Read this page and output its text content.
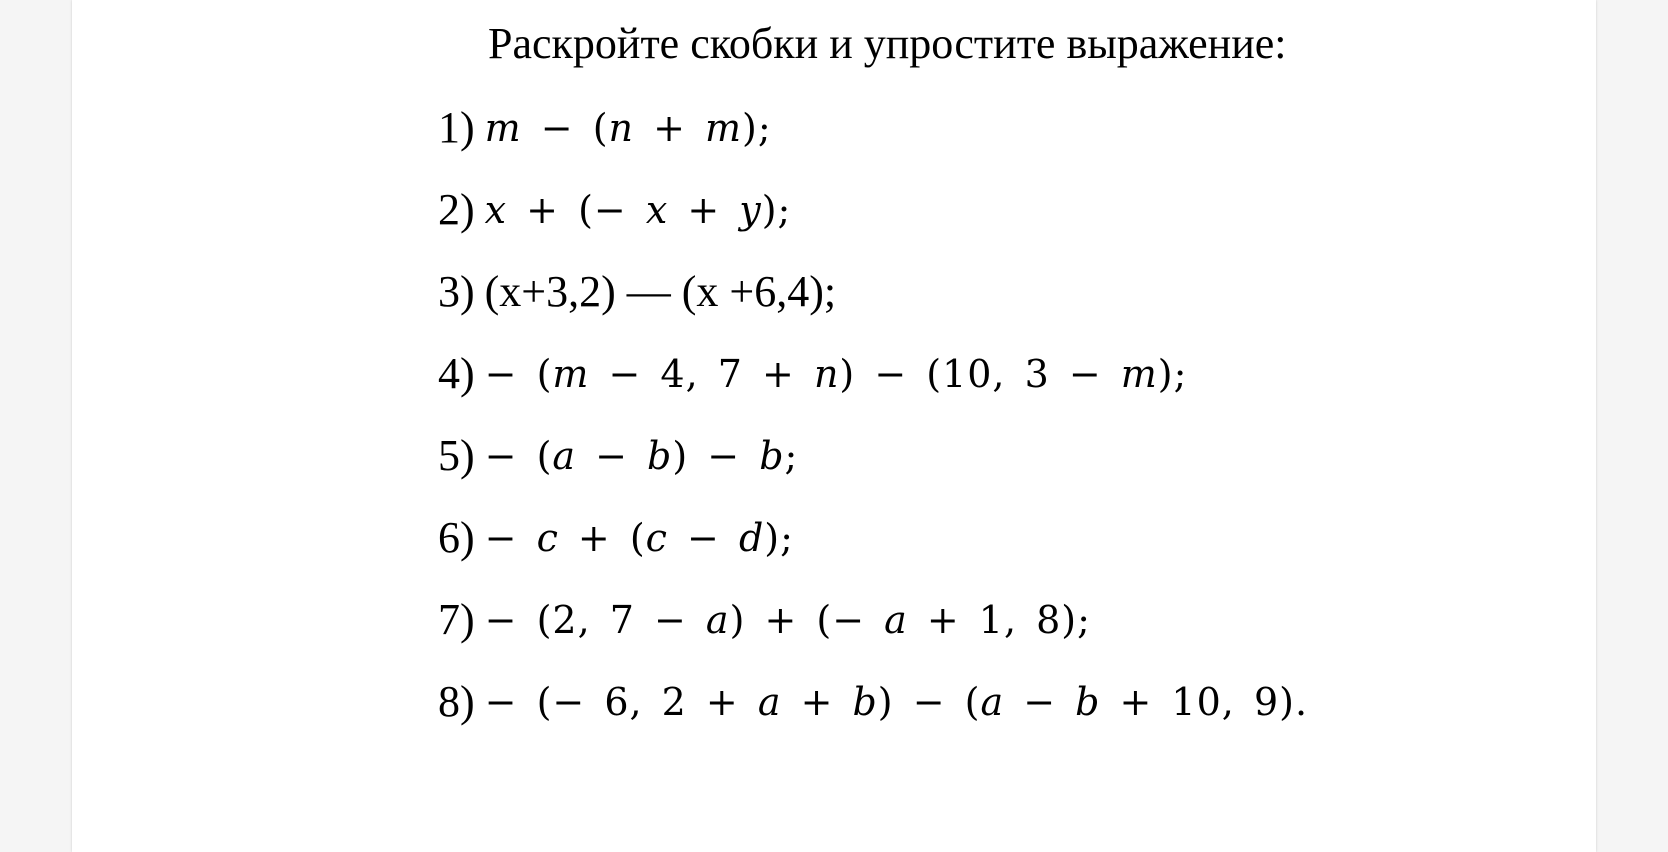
Раскройте скобки и упростите выражение:
1) 𝑚 − (𝑛 + 𝑚);
2) 𝑥 + (− 𝑥 + 𝑦);
3) (x+3,2) — (x +6,4);
4) − (𝑚 − 4, 7 + 𝑛) − (10, 3 − 𝑚);
5) − (𝑎 − 𝑏) − 𝑏;
6) − 𝑐 + (𝑐 − 𝑑);
7) − (2, 7 − 𝑎) + (− 𝑎 + 1, 8);
8) − (− 6, 2 + 𝑎 + 𝑏) − (𝑎 − 𝑏 + 10, 9).
